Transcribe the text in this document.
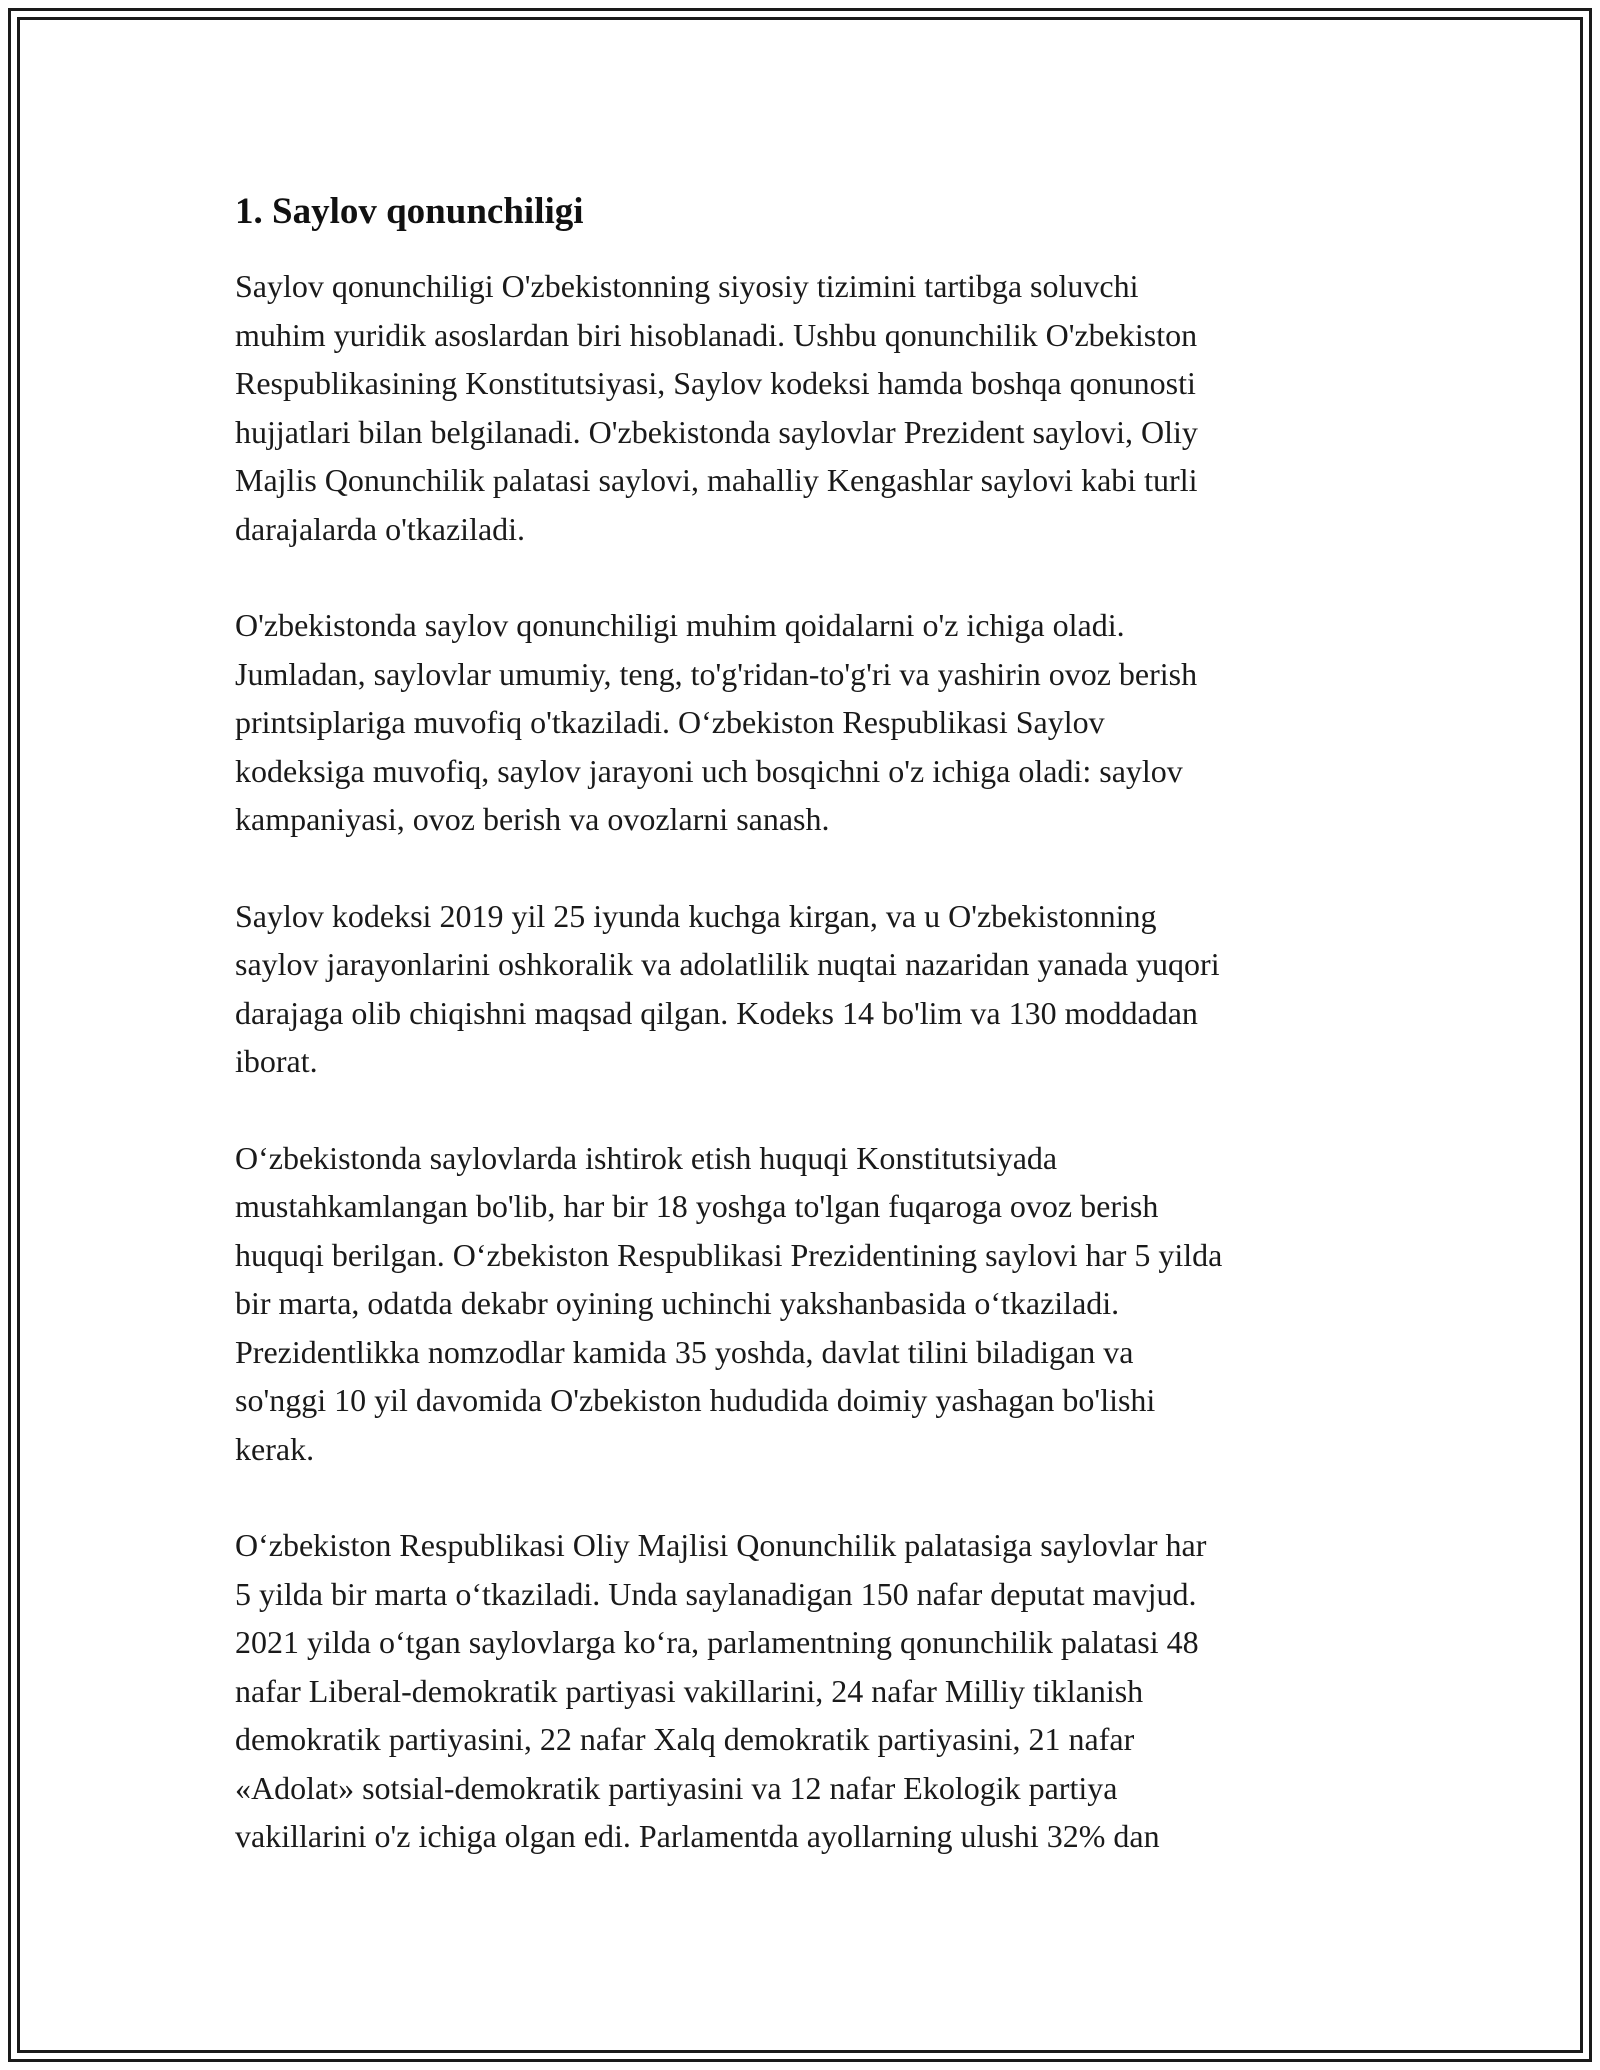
1. Saylov qonunchiligi

Saylov qonunchiligi O'zbekistonning siyosiy tizimini tartibga soluvchi
muhim yuridik asoslardan biri hisoblanadi. Ushbu qonunchilik O'zbekiston
Respublikasining Konstitutsiyasi, Saylov kodeksi hamda boshqa qonunosti
hujjatlari bilan belgilanadi. O'zbekistonda saylovlar Prezident saylovi, Oliy
Majlis Qonunchilik palatasi saylovi, mahalliy Kengashlar saylovi kabi turli
darajalarda o'tkaziladi.

O'zbekistonda saylov qonunchiligi muhim qoidalarni o'z ichiga oladi.
Jumladan, saylovlar umumiy, teng, to'g'ridan-to'g'ri va yashirin ovoz berish
printsiplariga muvofiq o'tkaziladi. O‘zbekiston Respublikasi Saylov
kodeksiga muvofiq, saylov jarayoni uch bosqichni o'z ichiga oladi: saylov
kampaniyasi, ovoz berish va ovozlarni sanash.

Saylov kodeksi 2019 yil 25 iyunda kuchga kirgan, va u O'zbekistonning
saylov jarayonlarini oshkoralik va adolatlilik nuqtai nazaridan yanada yuqori
darajaga olib chiqishni maqsad qilgan. Kodeks 14 bo'lim va 130 moddadan
iborat.

O‘zbekistonda saylovlarda ishtirok etish huquqi Konstitutsiyada
mustahkamlangan bo'lib, har bir 18 yoshga to'lgan fuqaroga ovoz berish
huquqi berilgan. O‘zbekiston Respublikasi Prezidentining saylovi har 5 yilda
bir marta, odatda dekabr oyining uchinchi yakshanbasida o‘tkaziladi.
Prezidentlikka nomzodlar kamida 35 yoshda, davlat tilini biladigan va
so'nggi 10 yil davomida O'zbekiston hududida doimiy yashagan bo'lishi
kerak.

O‘zbekiston Respublikasi Oliy Majlisi Qonunchilik palatasiga saylovlar har
5 yilda bir marta o‘tkaziladi. Unda saylanadigan 150 nafar deputat mavjud.
2021 yilda o‘tgan saylovlarga ko‘ra, parlamentning qonunchilik palatasi 48
nafar Liberal-demokratik partiyasi vakillarini, 24 nafar Milliy tiklanish
demokratik partiyasini, 22 nafar Xalq demokratik partiyasini, 21 nafar
«Adolat» sotsial-demokratik partiyasini va 12 nafar Ekologik partiya
vakillarini o'z ichiga olgan edi. Parlamentda ayollarning ulushi 32% dan
